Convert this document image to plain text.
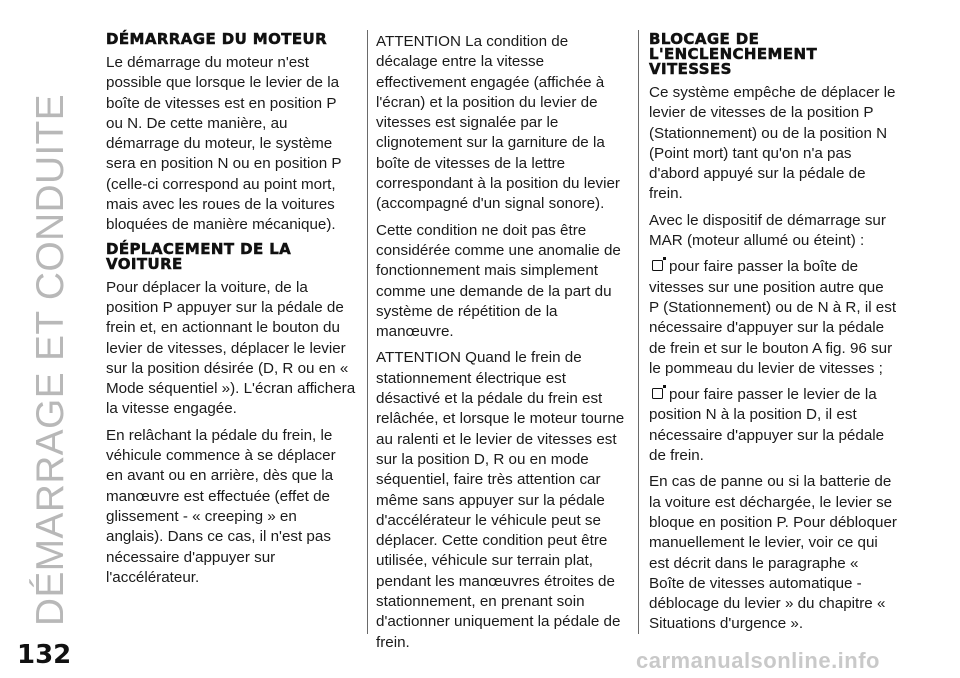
DÉMARRAGE ET CONDUITE
DÉMARRAGE DU MOTEUR

Le démarrage du moteur n'est possible que lorsque le levier de la boîte de vitesses est en position P ou N. De cette manière, au démarrage du moteur, le système sera en position N ou en position P (celle-ci correspond au point mort, mais avec les roues de la voitures bloquées de manière mécanique).

DÉPLACEMENT DE LA VOITURE

Pour déplacer la voiture, de la position P appuyer sur la pédale de frein et, en actionnant le bouton du levier de vitesses, déplacer le levier sur la position désirée (D, R ou en « Mode séquentiel »). L'écran affichera la vitesse engagée.

En relâchant la pédale du frein, le véhicule commence à se déplacer en avant ou en arrière, dès que la manœuvre est effectuée (effet de glissement - « creeping » en anglais). Dans ce cas, il n'est pas nécessaire d'appuyer sur l'accélérateur.

ATTENTION La condition de décalage entre la vitesse effectivement engagée (affichée à l'écran) et la position du levier de vitesses est signalée par le clignotement sur la garniture de la boîte de vitesses de la lettre correspondant à la position du levier (accompagné d'un signal sonore).

Cette condition ne doit pas être considérée comme une anomalie de fonctionnement mais simplement comme une demande de la part du système de répétition de la manœuvre.

ATTENTION Quand le frein de stationnement électrique est désactivé et la pédale du frein est relâchée, et lorsque le moteur tourne au ralenti et le levier de vitesses est sur la position D, R ou en mode séquentiel, faire très attention car même sans appuyer sur la pédale d'accélérateur le véhicule peut se déplacer. Cette condition peut être utilisée, véhicule sur terrain plat, pendant les manœuvres étroites de stationnement, en prenant soin d'actionner uniquement la pédale de frein.

BLOCAGE DE L'ENCLENCHEMENT VITESSES

Ce système empêche de déplacer le levier de vitesses de la position P (Stationnement) ou de la position N (Point mort) tant qu'on n'a pas d'abord appuyé sur la pédale de frein.

Avec le dispositif de démarrage sur MAR (moteur allumé ou éteint) :

pour faire passer la boîte de vitesses sur une position autre que P (Stationnement) ou de N à R, il est nécessaire d'appuyer sur la pédale de frein et sur le bouton A fig. 96 sur le pommeau du levier de vitesses ;

pour faire passer le levier de la position N à la position D, il est nécessaire d'appuyer sur la pédale de frein.

En cas de panne ou si la batterie de la voiture est déchargée, le levier se bloque en position P. Pour débloquer manuellement le levier, voir ce qui est décrit dans le paragraphe « Boîte de vitesses automatique - déblocage du levier » du chapitre « Situations d'urgence ».

132	carmanualsonline.info
